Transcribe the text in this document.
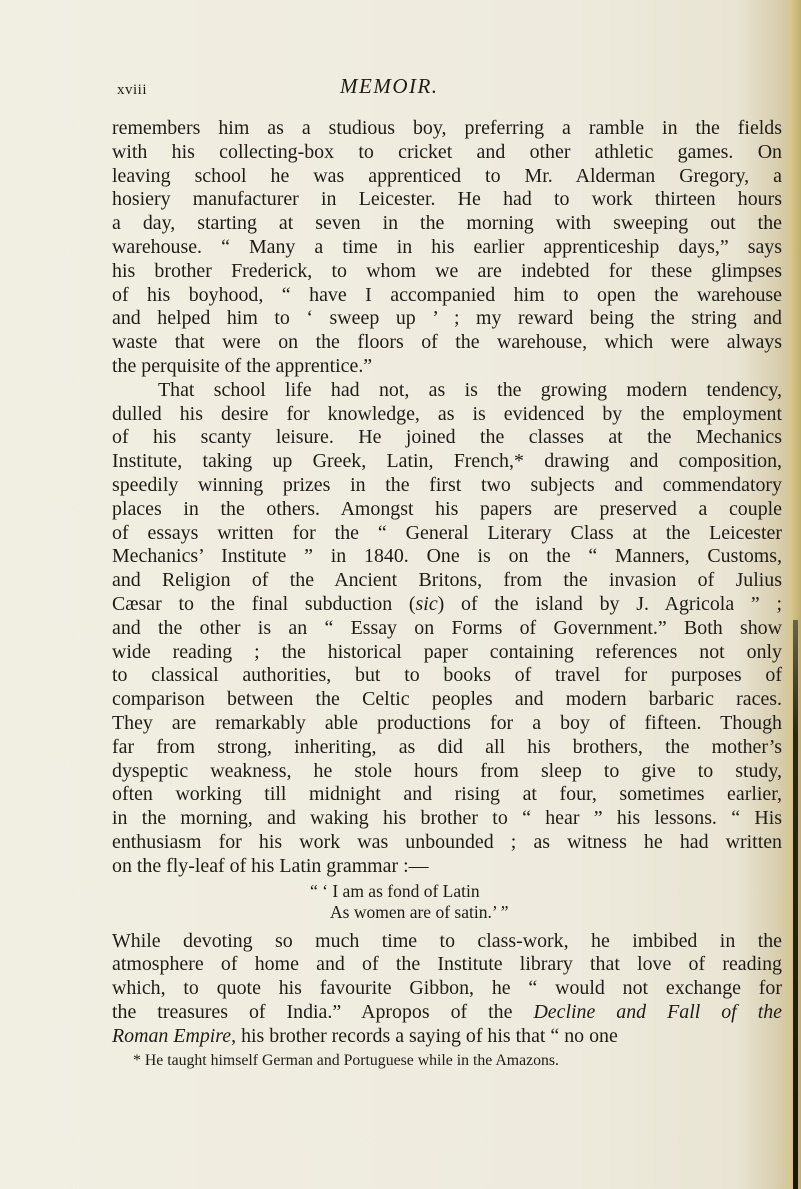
xviii	MEMOIR.
remembers him as a studious boy, preferring a ramble in the fields
with his collecting-box to cricket and other athletic games. On
leaving school he was apprenticed to Mr. Alderman Gregory, a
hosiery manufacturer in Leicester. He had to work thirteen hours
a day, starting at seven in the morning with sweeping out the
warehouse. “ Many a time in his earlier apprenticeship days,” says
his brother Frederick, to whom we are indebted for these glimpses
of his boyhood, “ have I accompanied him to open the warehouse
and helped him to ‘ sweep up ’ ; my reward being the string and
waste that were on the floors of the warehouse, which were always
the perquisite of the apprentice.”
That school life had not, as is the growing modern tendency,
dulled his desire for knowledge, as is evidenced by the employment
of his scanty leisure. He joined the classes at the Mechanics
Institute, taking up Greek, Latin, French,* drawing and composition,
speedily winning prizes in the first two subjects and commendatory
places in the others. Amongst his papers are preserved a couple
of essays written for the “ General Literary Class at the Leicester
Mechanics’ Institute ” in 1840. One is on the “ Manners, Customs,
and Religion of the Ancient Britons, from the invasion of Julius
Cæsar to the final subduction (sic) of the island by J. Agricola ” ;
and the other is an “ Essay on Forms of Government.” Both show
wide reading ; the historical paper containing references not only
to classical authorities, but to books of travel for purposes of
comparison between the Celtic peoples and modern barbaric races.
They are remarkably able productions for a boy of fifteen. Though
far from strong, inheriting, as did all his brothers, the mother’s
dyspeptic weakness, he stole hours from sleep to give to study,
often working till midnight and rising at four, sometimes earlier,
in the morning, and waking his brother to “ hear ” his lessons. “ His
enthusiasm for his work was unbounded ; as witness he had written
on the fly-leaf of his Latin grammar :—
“ ‘ I am as fond of Latin
As women are of satin.’ ”
While devoting so much time to class-work, he imbibed in the
atmosphere of home and of the Institute library that love of reading
which, to quote his favourite Gibbon, he “ would not exchange for
the treasures of India.” Apropos of the Decline and Fall of the
Roman Empire, his brother records a saying of his that “ no one
* He taught himself German and Portuguese while in the Amazons.
